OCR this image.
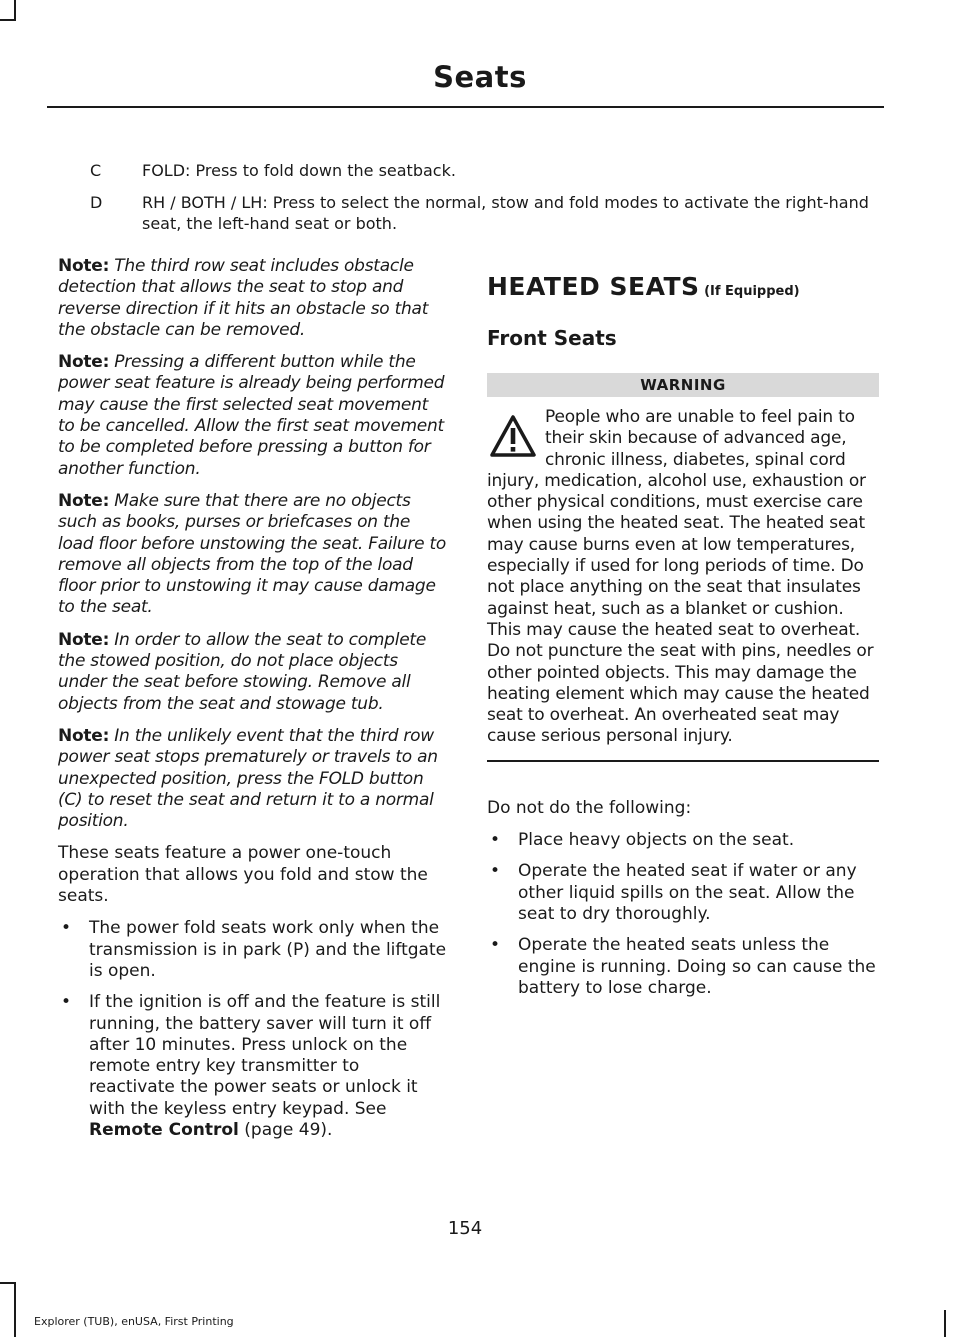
Seats
C	FOLD: Press to fold down the seatback.
D	RH / BOTH / LH: Press to select the normal, stow and fold modes to activate the right-hand seat, the left-hand seat or both.

Note: The third row seat includes obstacle detection that allows the seat to stop and reverse direction if it hits an obstacle so that the obstacle can be removed.

Note: Pressing a different button while the power seat feature is already being performed may cause the first selected seat movement to be cancelled. Allow the first seat movement to be completed before pressing a button for another function.

Note: Make sure that there are no objects such as books, purses or briefcases on the load floor before unstowing the seat. Failure to remove all objects from the top of the load floor prior to unstowing it may cause damage to the seat.

Note: In order to allow the seat to complete the stowed position, do not place objects under the seat before stowing. Remove all objects from the seat and stowage tub.

Note: In the unlikely event that the third row power seat stops prematurely or travels to an unexpected position, press the FOLD button (C) to reset the seat and return it to a normal position.

These seats feature a power one-touch operation that allows you fold and stow the seats.

• The power fold seats work only when the transmission is in park (P) and the liftgate is open.
• If the ignition is off and the feature is still running, the battery saver will turn it off after 10 minutes. Press unlock on the remote entry key transmitter to reactivate the power seats or unlock it with the keyless entry keypad. See Remote Control (page 49).
HEATED SEATS (If Equipped)
Front Seats
WARNING
People who are unable to feel pain to their skin because of advanced age, chronic illness, diabetes, spinal cord injury, medication, alcohol use, exhaustion or other physical conditions, must exercise care when using the heated seat. The heated seat may cause burns even at low temperatures, especially if used for long periods of time. Do not place anything on the seat that insulates against heat, such as a blanket or cushion. This may cause the heated seat to overheat. Do not puncture the seat with pins, needles or other pointed objects. This may damage the heating element which may cause the heated seat to overheat. An overheated seat may cause serious personal injury.

Do not do the following:

• Place heavy objects on the seat.
• Operate the heated seat if water or any other liquid spills on the seat. Allow the seat to dry thoroughly.
• Operate the heated seats unless the engine is running. Doing so can cause the battery to lose charge.
154
Explorer (TUB), enUSA, First Printing
